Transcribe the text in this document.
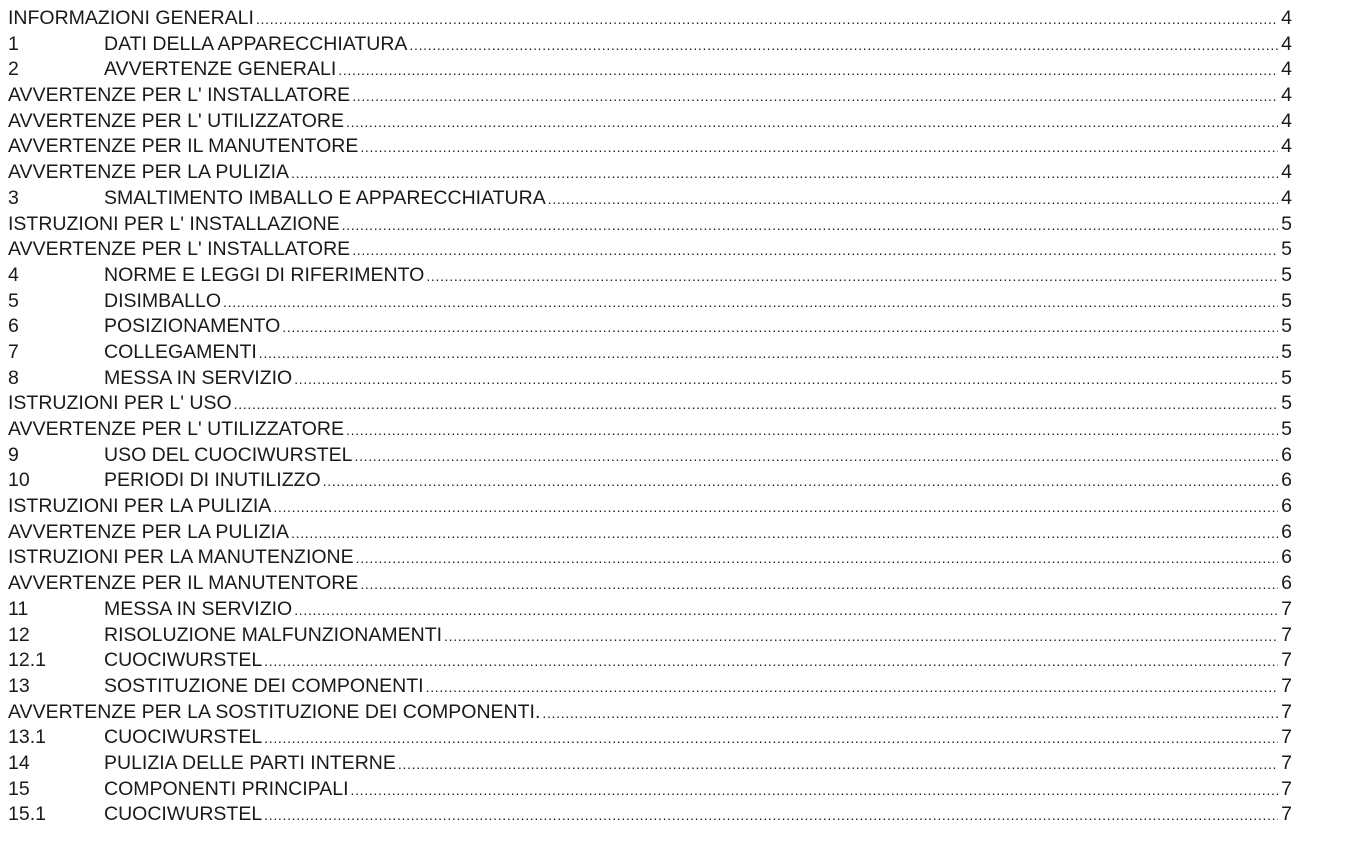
INFORMAZIONI GENERALI . . .	4
1	DATI DELLA APPARECCHIATURA . . .	4
2	AVVERTENZE GENERALI . . .	4
AVVERTENZE PER L' INSTALLATORE . . .	4
AVVERTENZE PER L' UTILIZZATORE . . .	4
AVVERTENZE PER IL MANUTENTORE . . .	4
AVVERTENZE PER LA PULIZIA . . .	4
3	SMALTIMENTO IMBALLO E APPARECCHIATURA . . .	4
ISTRUZIONI PER L' INSTALLAZIONE . . .	5
AVVERTENZE PER L' INSTALLATORE . . .	5
4	NORME E LEGGI DI RIFERIMENTO . . .	5
5	DISIMBALLO . . .	5
6	POSIZIONAMENTO . . .	5
7	COLLEGAMENTI . . .	5
8	MESSA IN SERVIZIO . . .	5
ISTRUZIONI PER L' USO . . .	5
AVVERTENZE PER L' UTILIZZATORE . . .	5
9	USO DEL CUOCIWURSTEL . . .	6
10	PERIODI DI INUTILIZZO . . .	6
ISTRUZIONI PER LA PULIZIA . . .	6
AVVERTENZE PER LA PULIZIA . . .	6
ISTRUZIONI PER LA MANUTENZIONE . . .	6
AVVERTENZE PER IL MANUTENTORE . . .	6
11	MESSA IN SERVIZIO . . .	7
12	RISOLUZIONE MALFUNZIONAMENTI . . .	7
12.1	CUOCIWURSTEL . . .	7
13	SOSTITUZIONE DEI COMPONENTI . . .	7
AVVERTENZE PER LA SOSTITUZIONE DEI COMPONENTI. . . .	7
13.1	CUOCIWURSTEL . . .	7
14	PULIZIA DELLE PARTI INTERNE . . .	7
15	COMPONENTI PRINCIPALI . . .	7
15.1	CUOCIWURSTEL . . .	7
